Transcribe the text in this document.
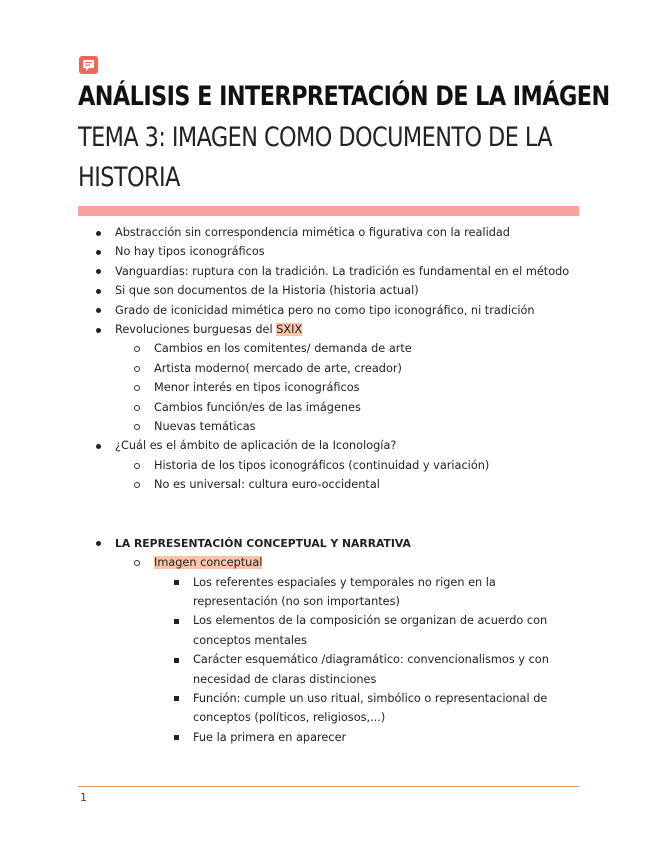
ANÁLISIS E INTERPRETACIÓN DE LA IMÁGEN
TEMA 3: IMAGEN COMO DOCUMENTO DE LA HISTORIA
Abstracción sin correspondencia mimética o figurativa con la realidad
No hay tipos iconográficos
Vanguardias: ruptura con la tradición. La tradición es fundamental en el método
Si que son documentos de la Historia (historia actual)
Grado de iconicidad mimética pero no como tipo iconográfico, ni tradición
Revoluciones burguesas del SXIX
Cambios en los comitentes/ demanda de arte
Artista moderno( mercado de arte, creador)
Menor interés en tipos iconográficos
Cambios función/es de las imágenes
Nuevas temáticas
¿Cuál es el ámbito de aplicación de la Iconología?
Historia de los tipos iconográficos (continuidad y variación)
No es universal: cultura euro-occidental
LA REPRESENTACIÓN CONCEPTUAL Y NARRATIVA
Imagen conceptual
Los referentes espaciales y temporales no rigen en la representación (no son importantes)
Los elementos de la composición se organizan de acuerdo con conceptos mentales
Carácter esquemático /diagramático: convencionalismos y con necesidad de claras distinciones
Función: cumple un uso ritual, simbólico o representacional de conceptos (políticos, religiosos,...)
Fue la primera en aparecer
1
